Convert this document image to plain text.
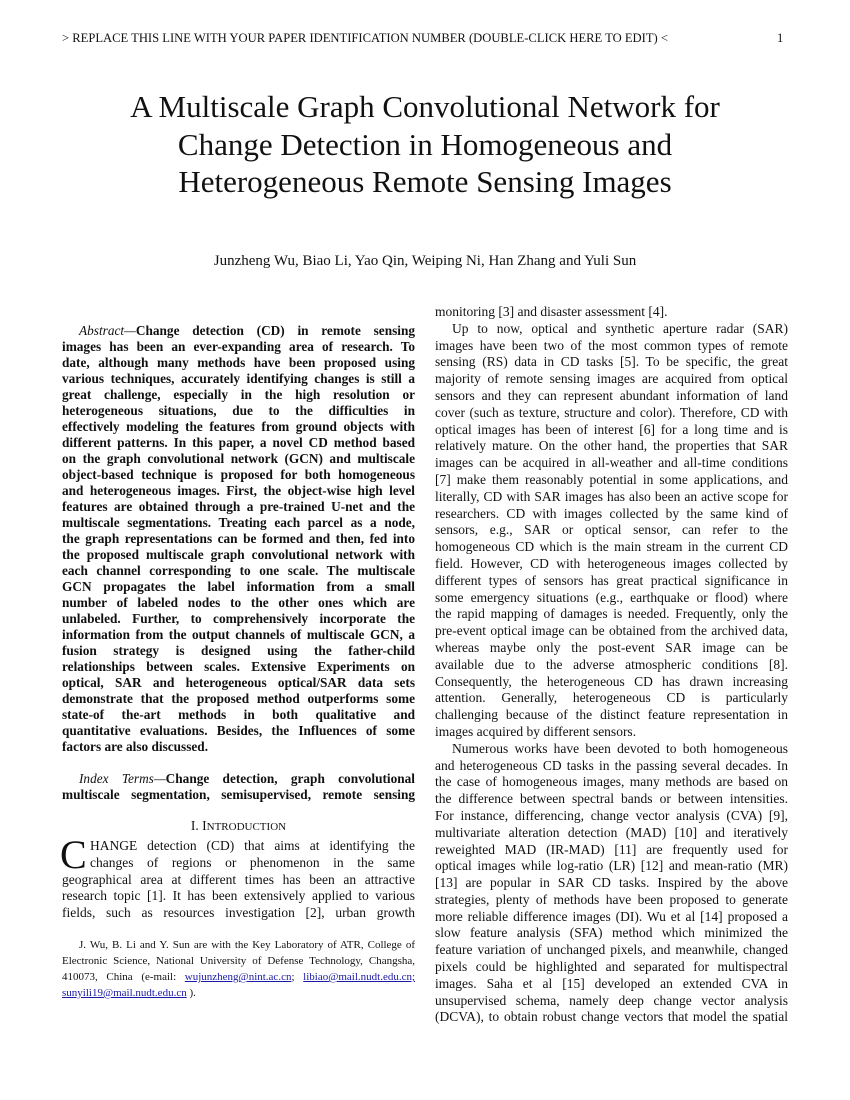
> REPLACE THIS LINE WITH YOUR PAPER IDENTIFICATION NUMBER (DOUBLE-CLICK HERE TO EDIT) <	1
A Multiscale Graph Convolutional Network for
Change Detection in Homogeneous and
Heterogeneous Remote Sensing Images
Junzheng Wu, Biao Li, Yao Qin, Weiping Ni, Han Zhang and Yuli Sun
Abstract—Change detection (CD) in remote sensing
images has been an ever-expanding area of research. To
date, although many methods have been proposed using
various techniques, accurately identifying changes is still a
great challenge, especially in the high resolution or
heterogeneous situations, due to the difficulties in
effectively modeling the features from ground objects with
different patterns. In this paper, a novel CD method based
on the graph convolutional network (GCN) and multiscale
object-based technique is proposed for both homogeneous
and heterogeneous images. First, the object-wise high level
features are obtained through a pre-trained U-net and the
multiscale segmentations. Treating each parcel as a node,
the graph representations can be formed and then, fed into
the proposed multiscale graph convolutional network with
each channel corresponding to one scale. The multiscale
GCN propagates the label information from a small
number of labeled nodes to the other ones which are
unlabeled. Further, to comprehensively incorporate the
information from the output channels of multiscale GCN, a
fusion strategy is designed using the father-child
relationships between scales. Extensive Experiments on
optical, SAR and heterogeneous optical/SAR data sets
demonstrate that the proposed method outperforms some
state-of the-art methods in both qualitative and
quantitative evaluations. Besides, the Influences of some
factors are also discussed.
Index Terms—Change detection, graph convolutional
multiscale segmentation, semisupervised, remote sensing
I. INTRODUCTION
C HANGE detection (CD) that aims at identifying the
changes of regions or phenomenon in the same
geographical area at different times has been an attractive
research topic [1]. It has been extensively applied to various
fields, such as resources investigation [2], urban growth
J. Wu, B. Li and Y. Sun are with the Key Laboratory of ATR, College of
Electronic Science, National University of Defense Technology, Changsha,
410073, China (e-mail: wujunzheng@nint.ac.cn; libiao@mail.nudt.edu.cn;
sunyili19@mail.nudt.edu.cn ).
monitoring [3] and disaster assessment [4].
Up to now, optical and synthetic aperture radar (SAR)
images have been two of the most common types of remote
sensing (RS) data in CD tasks [5]. To be specific, the great
majority of remote sensing images are acquired from optical
sensors and they can represent abundant information of land
cover (such as texture, structure and color). Therefore, CD with
optical images has been of interest [6] for a long time and is
relatively mature. On the other hand, the properties that SAR
images can be acquired in all-weather and all-time conditions
[7] make them reasonably potential in some applications, and
literally, CD with SAR images has also been an active scope for
researchers. CD with images collected by the same kind of
sensors, e.g., SAR or optical sensor, can refer to the
homogeneous CD which is the main stream in the current CD
field. However, CD with heterogeneous images collected by
different types of sensors has great practical significance in
some emergency situations (e.g., earthquake or flood) where
the rapid mapping of damages is needed. Frequently, only the
pre-event optical image can be obtained from the archived data,
whereas maybe only the post-event SAR image can be
available due to the adverse atmospheric conditions [8].
Consequently, the heterogeneous CD has drawn increasing
attention. Generally, heterogeneous CD is particularly
challenging because of the distinct feature representation in
images acquired by different sensors.
Numerous works have been devoted to both homogeneous
and heterogeneous CD tasks in the passing several decades. In
the case of homogeneous images, many methods are based on
the difference between spectral bands or between intensities.
For instance, differencing, change vector analysis (CVA) [9],
multivariate alteration detection (MAD) [10] and iteratively
reweighted MAD (IR-MAD) [11] are frequently used for
optical images while log-ratio (LR) [12] and mean-ratio (MR)
[13] are popular in SAR CD tasks. Inspired by the above
strategies, plenty of methods have been proposed to generate
more reliable difference images (DI). Wu et al [14] proposed a
slow feature analysis (SFA) method which minimized the
feature variation of unchanged pixels, and meanwhile, changed
pixels could be highlighted and separated for multispectral
images. Saha et al [15] developed an extended CVA in
unsupervised schema, namely deep change vector analysis
(DCVA), to obtain robust change vectors that model the spatial
